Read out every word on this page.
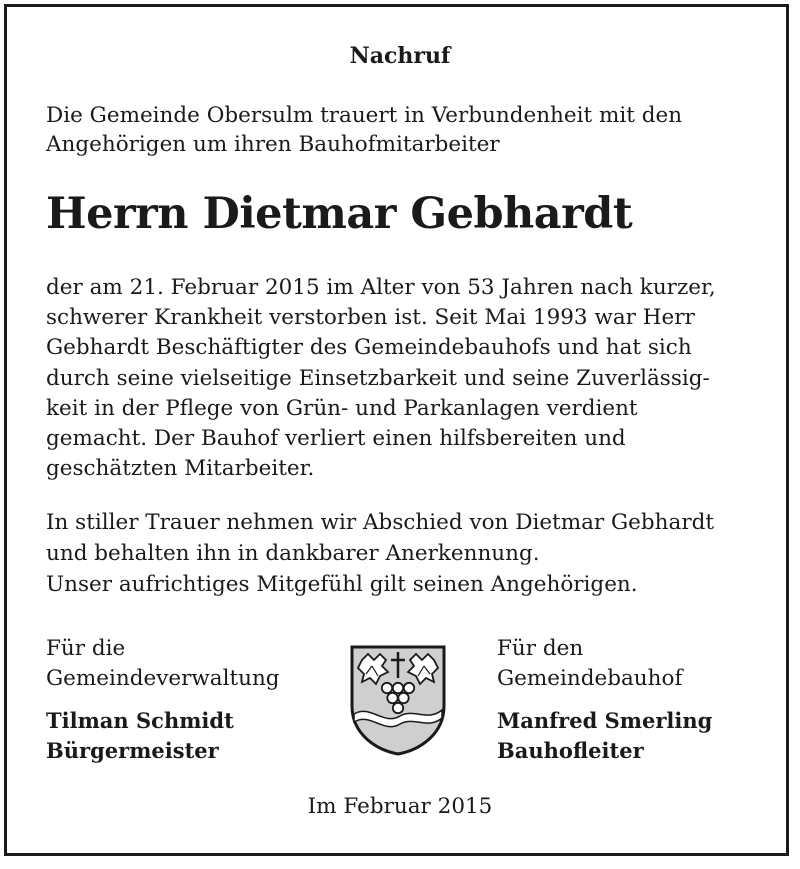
Nachruf

Die Gemeinde Obersulm trauert in Verbundenheit mit den
Angehörigen um ihren Bauhofmitarbeiter

Herrn Dietmar Gebhardt

der am 21. Februar 2015 im Alter von 53 Jahren nach kurzer,
schwerer Krankheit verstorben ist. Seit Mai 1993 war Herr
Gebhardt Beschäftigter des Gemeindebauhofs und hat sich
durch seine vielseitige Einsetzbarkeit und seine Zuverlässig-
keit in der Pflege von Grün- und Parkanlagen verdient
gemacht. Der Bauhof verliert einen hilfsbereiten und
geschätzten Mitarbeiter.

In stiller Trauer nehmen wir Abschied von Dietmar Gebhardt
und behalten ihn in dankbarer Anerkennung.
Unser aufrichtiges Mitgefühl gilt seinen Angehörigen.

Für die
Gemeindeverwaltung
Tilman Schmidt
Bürgermeister
Für den
Gemeindebauhof
Manfred Smerling
Bauhofleiter
Im Februar 2015
